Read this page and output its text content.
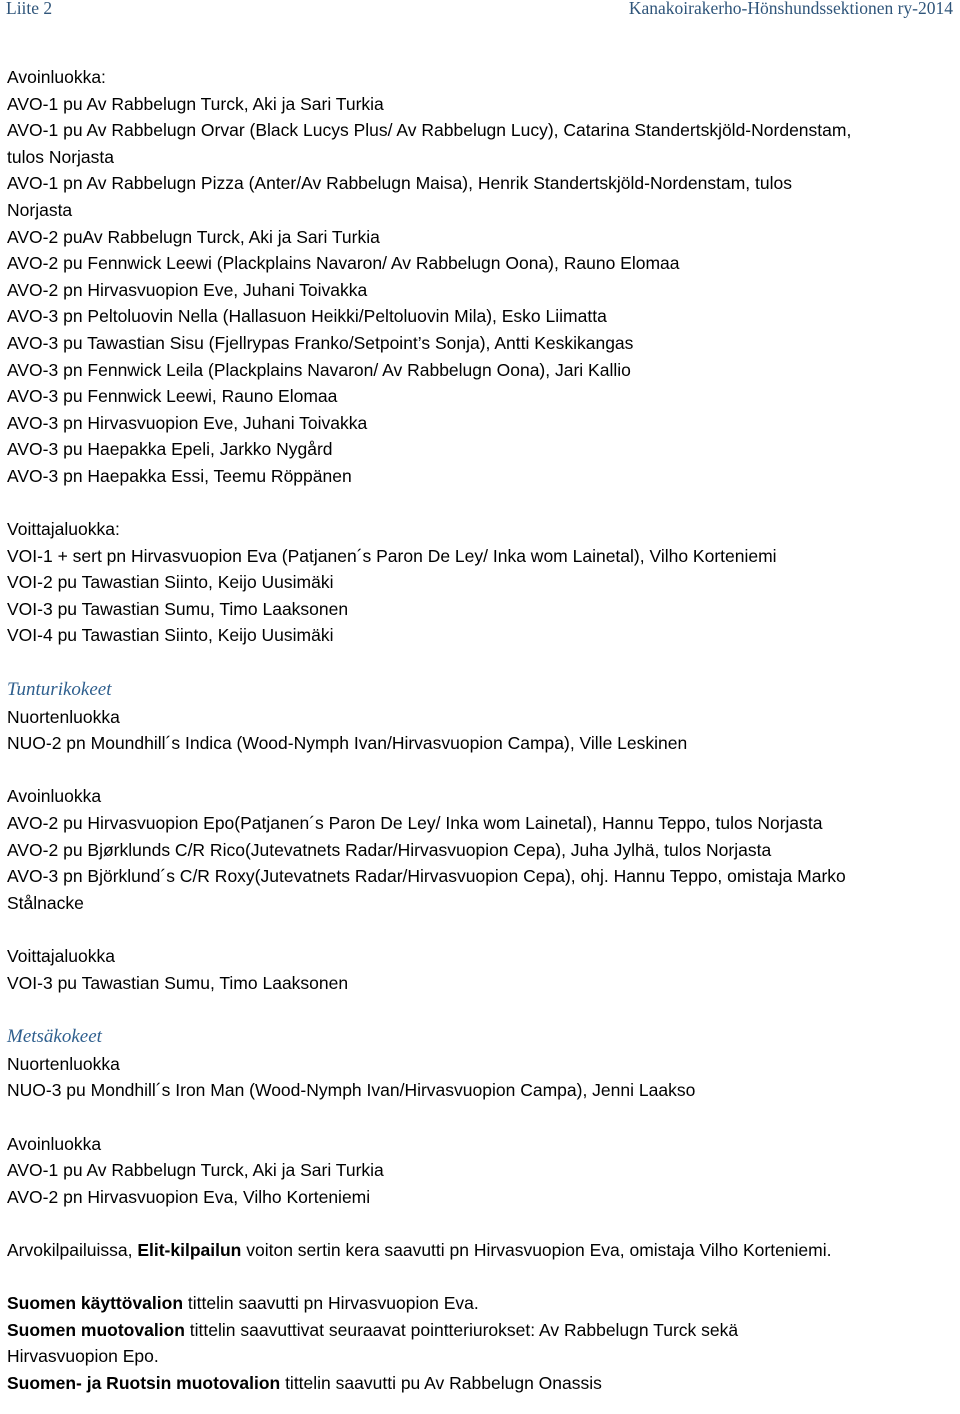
Liite 2	Kanakoirakerho-Hönshundssektionen ry-2014
Avoinluokka:
AVO-1 pu Av Rabbelugn Turck, Aki ja Sari Turkia
AVO-1 pu Av Rabbelugn Orvar (Black Lucys Plus/ Av Rabbelugn Lucy), Catarina Standertskjöld-Nordenstam,
tulos Norjasta
AVO-1 pn Av Rabbelugn Pizza (Anter/Av Rabbelugn Maisa), Henrik Standertskjöld-Nordenstam, tulos
Norjasta
AVO-2 puAv Rabbelugn Turck, Aki ja Sari Turkia
AVO-2 pu Fennwick Leewi (Plackplains Navaron/ Av Rabbelugn Oona), Rauno Elomaa
AVO-2 pn Hirvasvuopion Eve, Juhani Toivakka
AVO-3 pn Peltoluovin Nella (Hallasuon Heikki/Peltoluovin Mila), Esko Liimatta
AVO-3 pu Tawastian Sisu (Fjellrypas Franko/Setpoint’s Sonja), Antti Keskikangas
AVO-3 pn Fennwick Leila (Plackplains Navaron/ Av Rabbelugn Oona), Jari Kallio
AVO-3 pu Fennwick Leewi, Rauno Elomaa
AVO-3 pn Hirvasvuopion Eve, Juhani Toivakka
AVO-3 pu Haepakka Epeli, Jarkko Nygård
AVO-3 pn Haepakka Essi, Teemu Röppänen
Voittajaluokka:
VOI-1 + sert pn Hirvasvuopion Eva (Patjanen´s Paron De Ley/ Inka wom Lainetal), Vilho Korteniemi
VOI-2 pu Tawastian Siinto, Keijo Uusimäki
VOI-3 pu Tawastian Sumu, Timo Laaksonen
VOI-4 pu Tawastian Siinto, Keijo Uusimäki
Tunturikokeet
Nuortenluokka
NUO-2 pn Moundhill´s Indica (Wood-Nymph Ivan/Hirvasvuopion Campa), Ville Leskinen
Avoinluokka
AVO-2 pu Hirvasvuopion Epo(Patjanen´s Paron De Ley/ Inka wom Lainetal), Hannu Teppo, tulos Norjasta
AVO-2 pu Bjørklunds C/R Rico(Jutevatnets Radar/Hirvasvuopion Cepa), Juha Jylhä, tulos Norjasta
AVO-3 pn Björklund´s C/R Roxy(Jutevatnets Radar/Hirvasvuopion Cepa), ohj. Hannu Teppo, omistaja Marko
Stålnacke
Voittajaluokka
VOI-3 pu Tawastian Sumu, Timo Laaksonen
Metsäkokeet
Nuortenluokka
NUO-3 pu Mondhill´s Iron Man (Wood-Nymph Ivan/Hirvasvuopion Campa), Jenni Laakso
Avoinluokka
AVO-1 pu Av Rabbelugn Turck, Aki ja Sari Turkia
AVO-2 pn Hirvasvuopion Eva, Vilho Korteniemi
Arvokilpailuissa, Elit-kilpailun voiton sertin kera saavutti pn Hirvasvuopion Eva, omistaja Vilho Korteniemi.
Suomen käyttövalion tittelin saavutti pn Hirvasvuopion Eva.
Suomen muotovalion tittelin saavuttivat seuraavat pointteriurokset: Av Rabbelugn Turck sekä
Hirvasvuopion Epo.
Suomen- ja Ruotsin muotovalion tittelin saavutti pu Av Rabbelugn Onassis
